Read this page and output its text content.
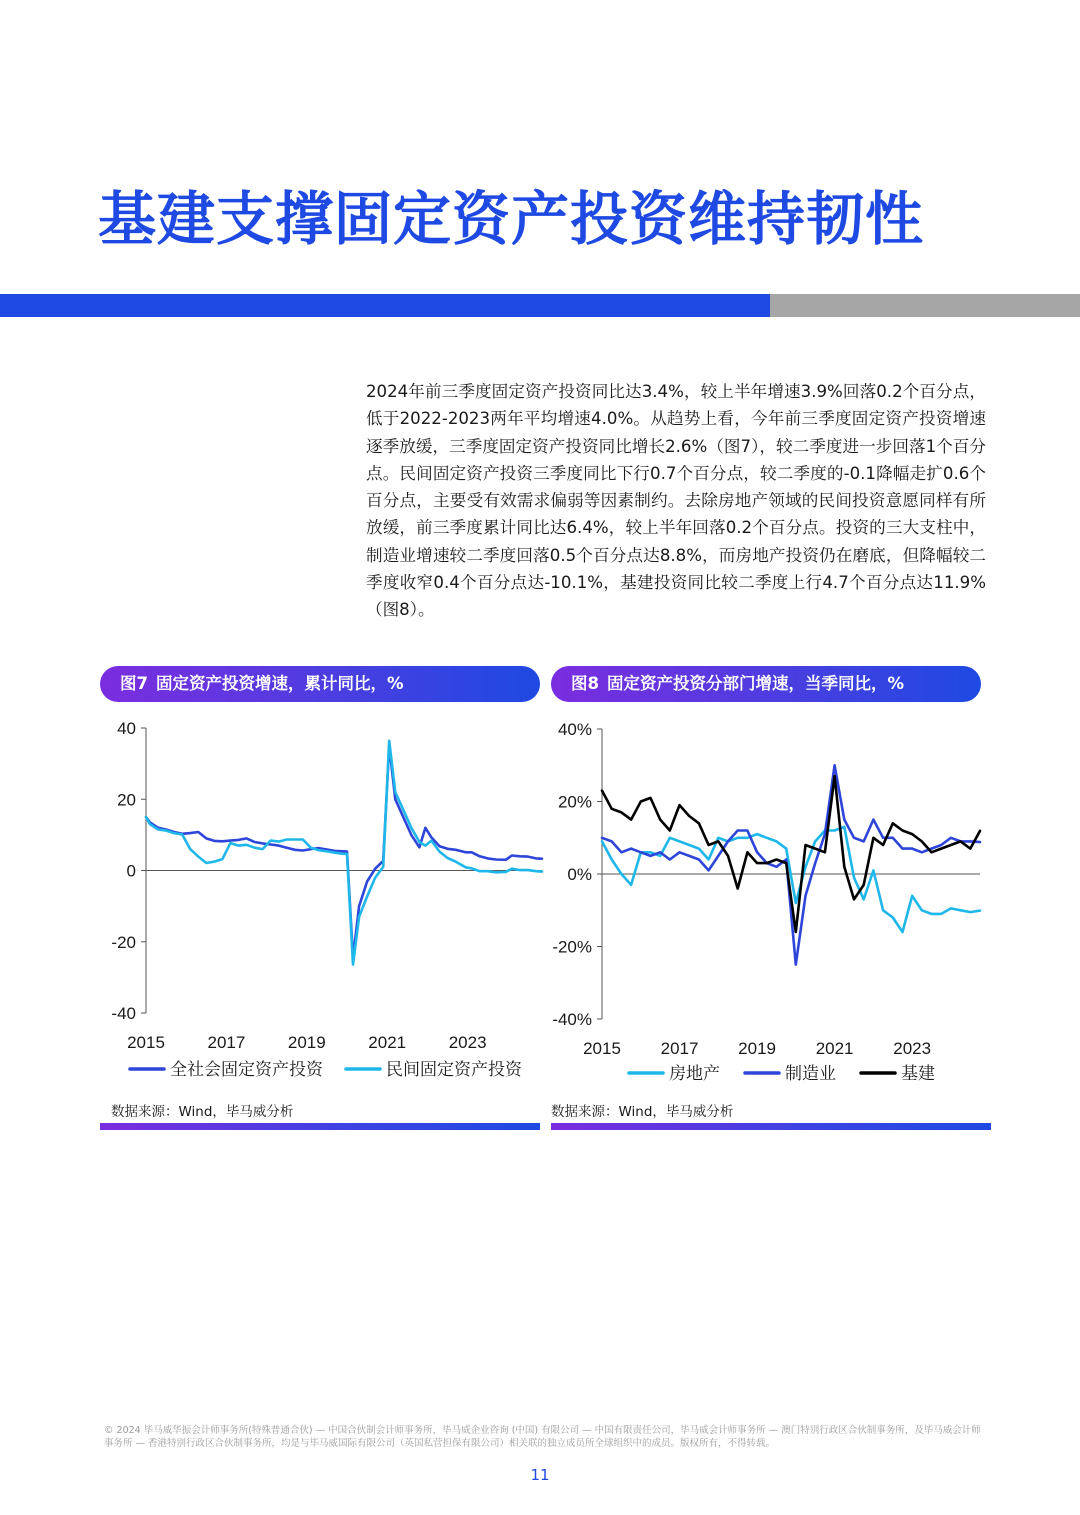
基建支撑固定资产投资维持韧性

2024年前三季度固定资产投资同比达3.4%，较上半年增速3.9%回落0.2个百分点，低于2022-2023两年平均增速4.0%。从趋势上看，今年前三季度固定资产投资增速逐季放缓，三季度固定资产投资同比增长2.6%（图7），较二季度进一步回落1个百分点。民间固定资产投资三季度同比下行0.7个百分点，较二季度的-0.1降幅走扩0.6个百分点，主要受有效需求偏弱等因素制约。去除房地产领域的民间投资意愿同样有所放缓，前三季度累计同比达6.4%，较上半年回落0.2个百分点。投资的三大支柱中，制造业增速较二季度回落0.5个百分点达8.8%，而房地产投资仍在磨底，但降幅较二季度收窄0.4个百分点达-10.1%，基建投资同比较二季度上行4.7个百分点达11.9%（图8）。

图7 固定资产投资增速，累计同比，%
40
20
0
-20
-40
2015	2017	2019	2021	2023
全社会固定资产投资	民间固定资产投资
数据来源：Wind，毕马威分析
图8 固定资产投资分部门增速，当季同比，%
40%
20%
0%
-20%
-40%
2015 2017 2019 2021 2023
房地产	制造业	基建
数据来源：Wind，毕马威分析

© 2024 毕马威华振会计师事务所(特殊普通合伙) — 中国合伙制会计师事务所，毕马威企业咨询 (中国) 有限公司 — 中国有限责任公司，毕马威会计师事务所 — 澳门特别行政区合伙制事务所，及毕马威会计师事务所 — 香港特别行政区合伙制事务所，均是与毕马威国际有限公司（英国私营担保有限公司）相关联的独立成员所全球组织中的成员。版权所有，不得转载。

11
